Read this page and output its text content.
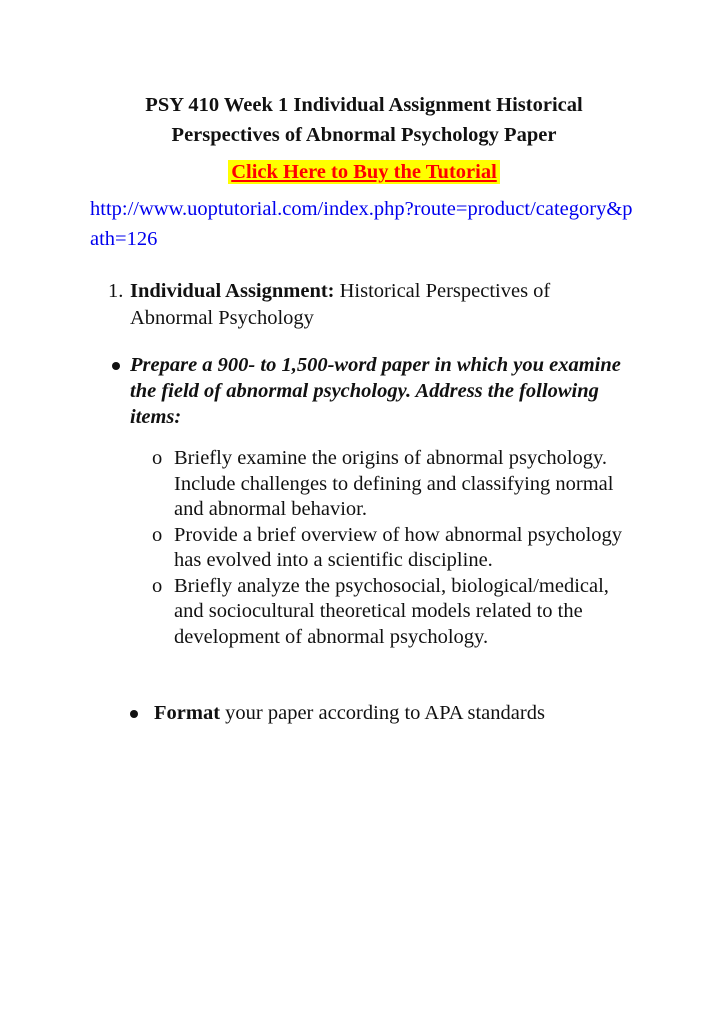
PSY 410 Week 1 Individual Assignment Historical
Perspectives of Abnormal Psychology Paper
Click Here to Buy the Tutorial
http://www.uoptutorial.com/index.php?route=product/category&path=126
1. Individual Assignment: Historical Perspectives of Abnormal Psychology
Prepare a 900- to 1,500-word paper in which you examine the field of abnormal psychology. Address the following items:
o Briefly examine the origins of abnormal psychology. Include challenges to defining and classifying normal and abnormal behavior.
o Provide a brief overview of how abnormal psychology has evolved into a scientific discipline.
o Briefly analyze the psychosocial, biological/medical, and sociocultural theoretical models related to the development of abnormal psychology.
Format your paper according to APA standards
